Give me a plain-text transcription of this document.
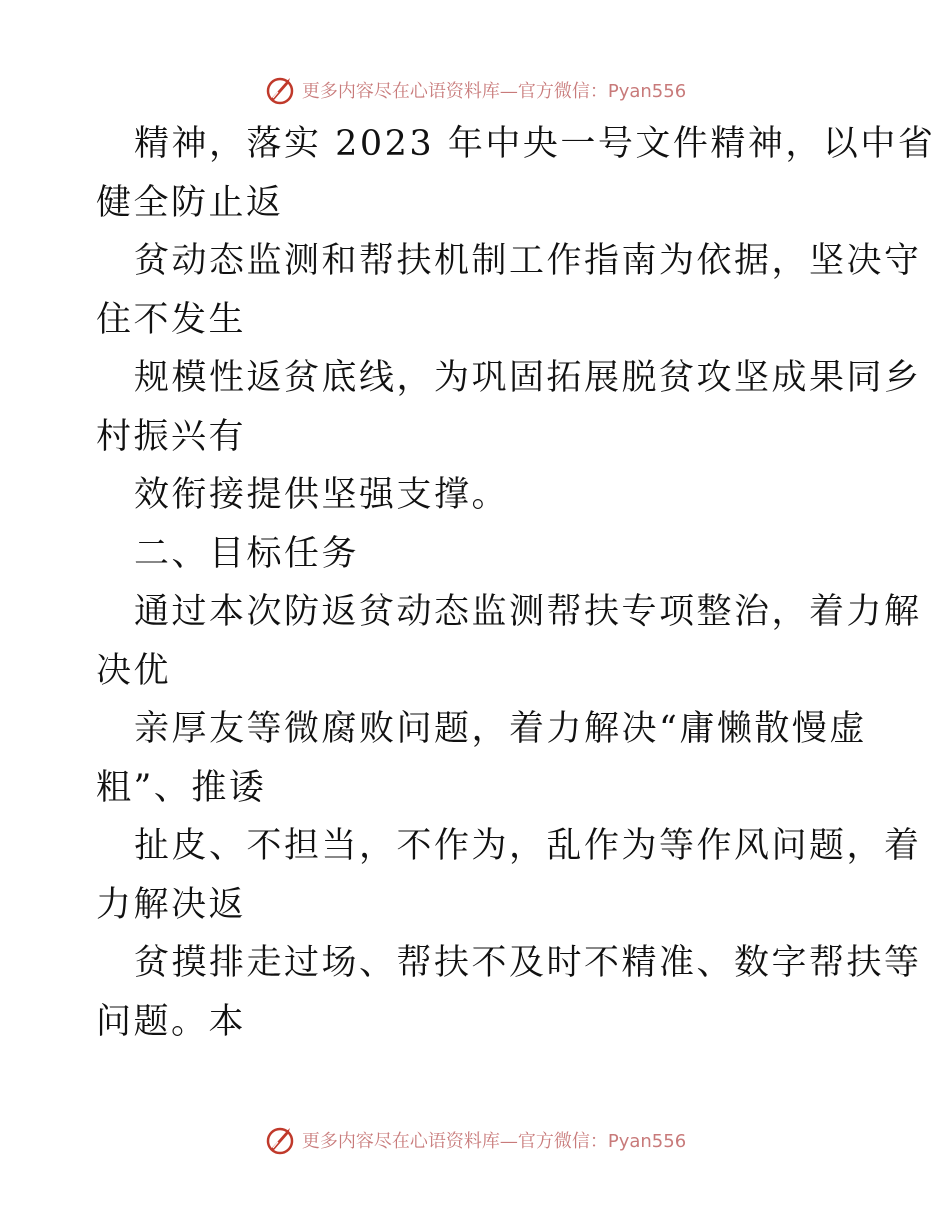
更多内容尽在心语资料库—官方微信：Pyan556
精神，落实 2023 年中央一号文件精神，以中省
健全防止返
贫动态监测和帮扶机制工作指南为依据，坚决守
住不发生
规模性返贫底线，为巩固拓展脱贫攻坚成果同乡
村振兴有
效衔接提供坚强支撑。
二、目标任务
通过本次防返贫动态监测帮扶专项整治，着力解
决优
亲厚友等微腐败问题，着力解决“庸懒散慢虚
粗”、推诿
扯皮、不担当，不作为，乱作为等作风问题，着
力解决返
贫摸排走过场、帮扶不及时不精准、数字帮扶等
问题。本
更多内容尽在心语资料库—官方微信：Pyan556
